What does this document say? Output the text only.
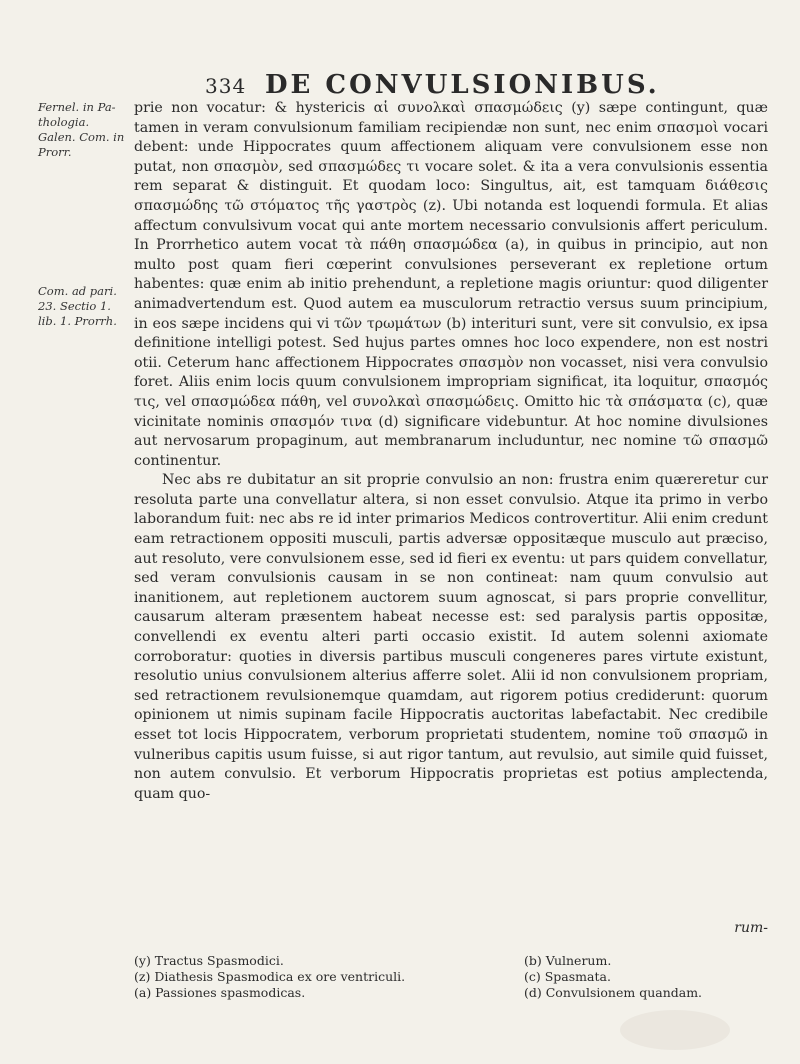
334 DE CONVULSIONIBUS.
Fernel. in Pa- thologia. Galen. Com. in Prorr.
Com. ad pari. 23. Sectio 1. lib. 1. Prorrh.

prie non vocatur: & hystericis αἱ συνολκαὶ σπασμώδεις (y) sæpe contingunt, quæ tamen in veram convulsionum familiam recipiendæ non sunt, nec enim σπασμοὶ vocari debent: unde Hippocrates quum affectionem aliquam vere convulsionem esse non putat, non σπασμὸν, sed σπασμώδες τι vocare solet. & ita a vera convulsionis essentia rem separat & distinguit. Et quodam loco: Singultus, ait, est tamquam διάθεσις σπασμώδης τῶ στόματος τῆς γαστρὸς (z). Ubi notanda est loquendi formula. Et alias affectum convulsivum vocat qui ante mortem necessario convulsionis affert periculum. In Prorrhetico autem vocat τὰ πάθη σπασμώδεα (a), in quibus in principio, aut non multo post quam fieri cœperint convulsiones perseverant ex repletione ortum habentes: quæ enim ab initio prehendunt, a repletione magis oriuntur: quod diligenter animadvertendum est. Quod autem ea musculorum retractio versus suum principium, in eos sæpe incidens qui vi τῶν τρωμάτων (b) interituri sunt, vere sit convulsio, ex ipsa definitione intelligi potest. Sed hujus partes omnes hoc loco expendere, non est nostri otii. Ceterum hanc affectionem Hippocrates σπασμὸν non vocasset, nisi vera convulsio foret. Aliis enim locis quum convulsionem impropriam significat, ita loquitur, σπασμός τις, vel σπασμώδεα πάθη, vel συνολκαὶ σπασμώδεις. Omitto hic τὰ σπάσματα (c), quæ vicinitate nominis σπασμόν τινα (d) significare videbuntur. At hoc nomine divulsiones aut nervosarum propaginum, aut membranarum includuntur, nec nomine τῶ σπασμῶ continentur.

Nec abs re dubitatur an sit proprie convulsio an non: frustra enim quæreretur cur resoluta parte una convellatur altera, si non esset convulsio. Atque ita primo in verbo laborandum fuit: nec abs re id inter primarios Medicos controvertitur. Alii enim credunt eam retractionem oppositi musculi, partis adversæ oppositæque musculo aut præciso, aut resoluto, vere convulsionem esse, sed id fieri ex eventu: ut pars quidem convellatur, sed veram convulsionis causam in se non contineat: nam quum convulsio aut inanitionem, aut repletionem auctorem suum agnoscat, si pars proprie convellitur, causarum alteram præsentem habeat necesse est: sed paralysis partis oppositæ, convellendi ex eventu alteri parti occasio existit. Id autem solenni axiomate corroboratur: quoties in diversis partibus musculi congeneres pares virtute existunt, resolutio unius convulsionem alterius afferre solet. Alii id non convulsionem propriam, sed retractionem revulsionemque quamdam, aut rigorem potius crediderunt: quorum opinionem ut nimis supinam facile Hippocratis auctoritas labefactabit. Nec credibile esset tot locis Hippocratem, verborum proprietati studentem, nomine τοῦ σπασμῶ in vulneribus capitis usum fuisse, si aut rigor tantum, aut revulsio, aut simile quid fuisset, non autem convulsio. Et verborum Hippocratis proprietas est potius amplectenda, quam quo-

rum-
(y) Tractus Spasmodici.	(b) Vulnerum.
(z) Diathesis Spasmodica ex ore ventriculi.	(c) Spasmata.
(a) Passiones spasmodicas.	(d) Convulsionem quandam.
